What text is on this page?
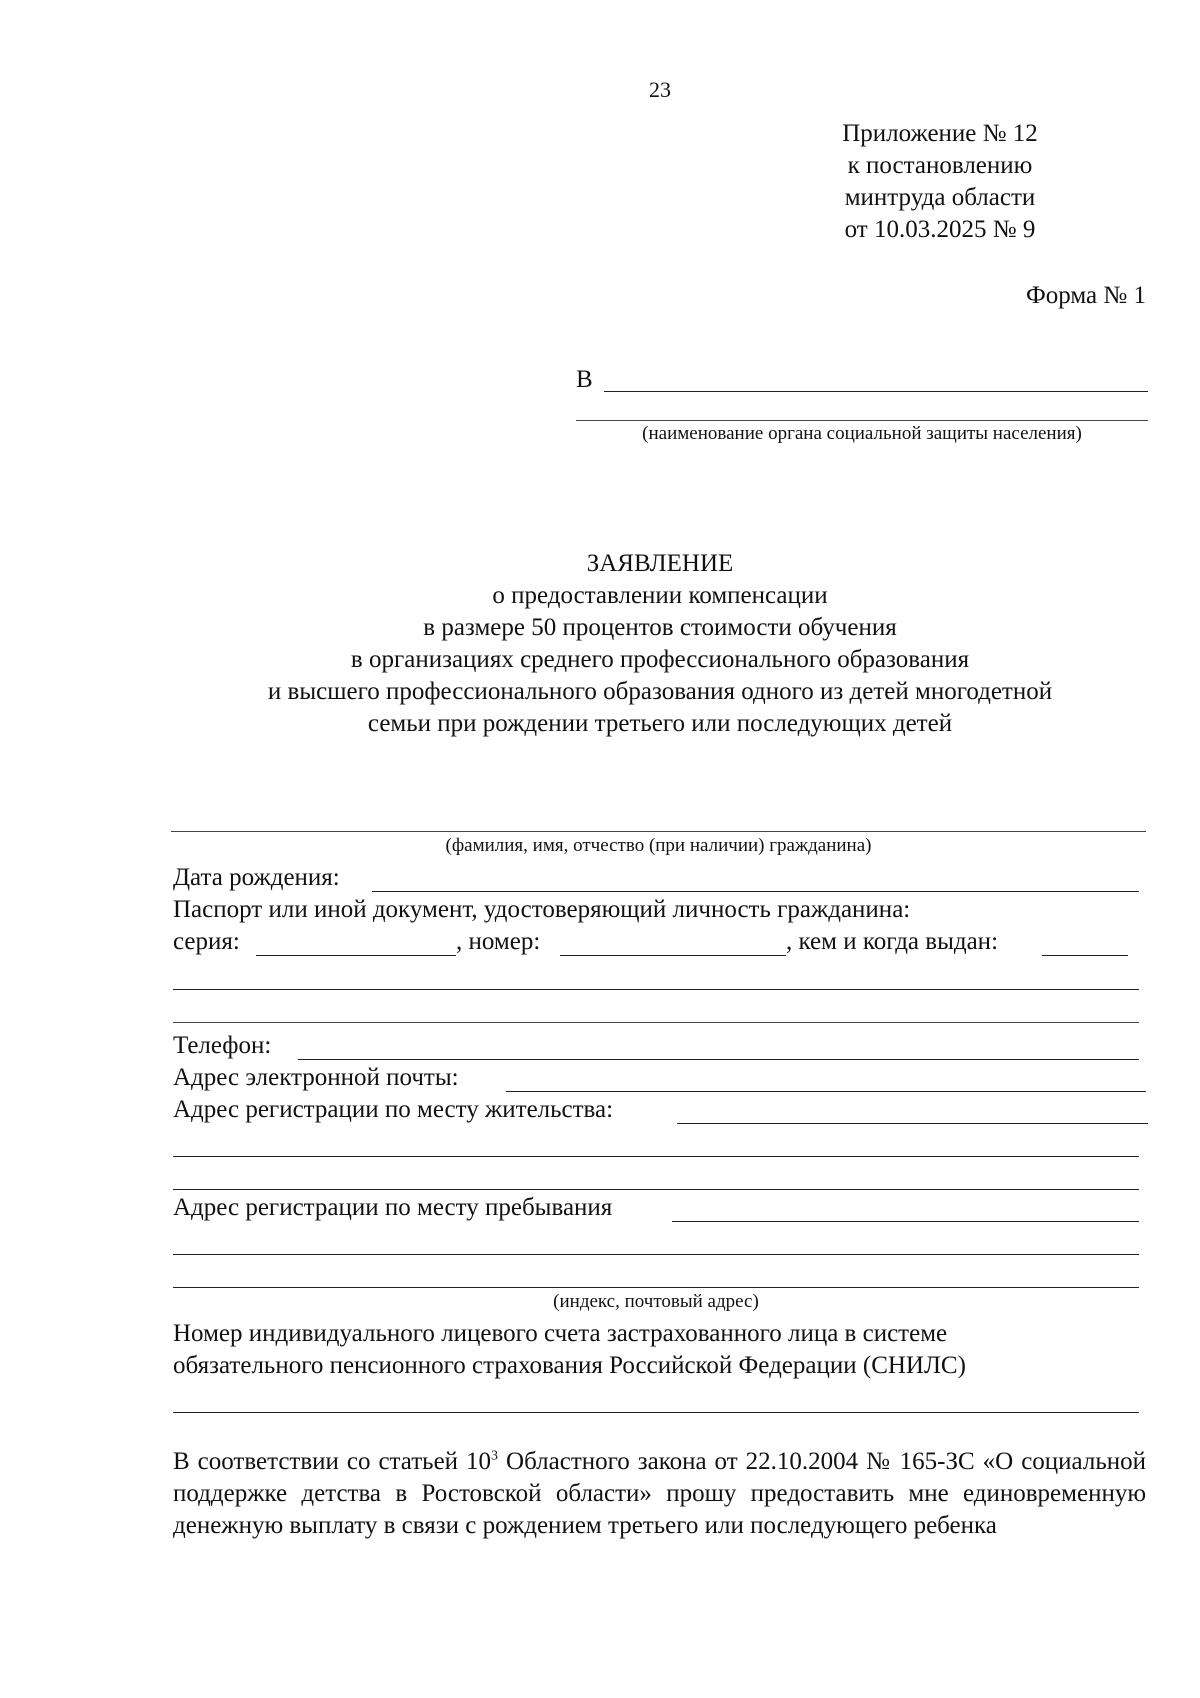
23
Приложение № 12
к постановлению
минтруда области
от 10.03.2025 № 9
Форма № 1
В
(наименование органа социальной защиты населения)
ЗАЯВЛЕНИЕ
о предоставлении компенсации
в размере 50 процентов стоимости обучения
в организациях среднего профессионального образования
и высшего профессионального образования одного из детей многодетной
семьи при рождении третьего или последующих детей
(фамилия, имя, отчество (при наличии) гражданина)
Дата рождения:
Паспорт или иной документ, удостоверяющий личность гражданина:
серия:	, номер:	, кем и когда выдан:
Телефон:
Адрес электронной почты:
Адрес регистрации по месту жительства:
Адрес регистрации по месту пребывания
(индекс, почтовый адрес)
Номер индивидуального лицевого счета застрахованного лица в системе
обязательного пенсионного страхования Российской Федерации (СНИЛС)
В соответствии со статьей $10^3$ Областного закона от 22.10.2004 № 165-ЗС «О социальной поддержке детства в Ростовской области» прошу предоставить мне единовременную денежную выплату в связи с рождением третьего или последующего ребенка
